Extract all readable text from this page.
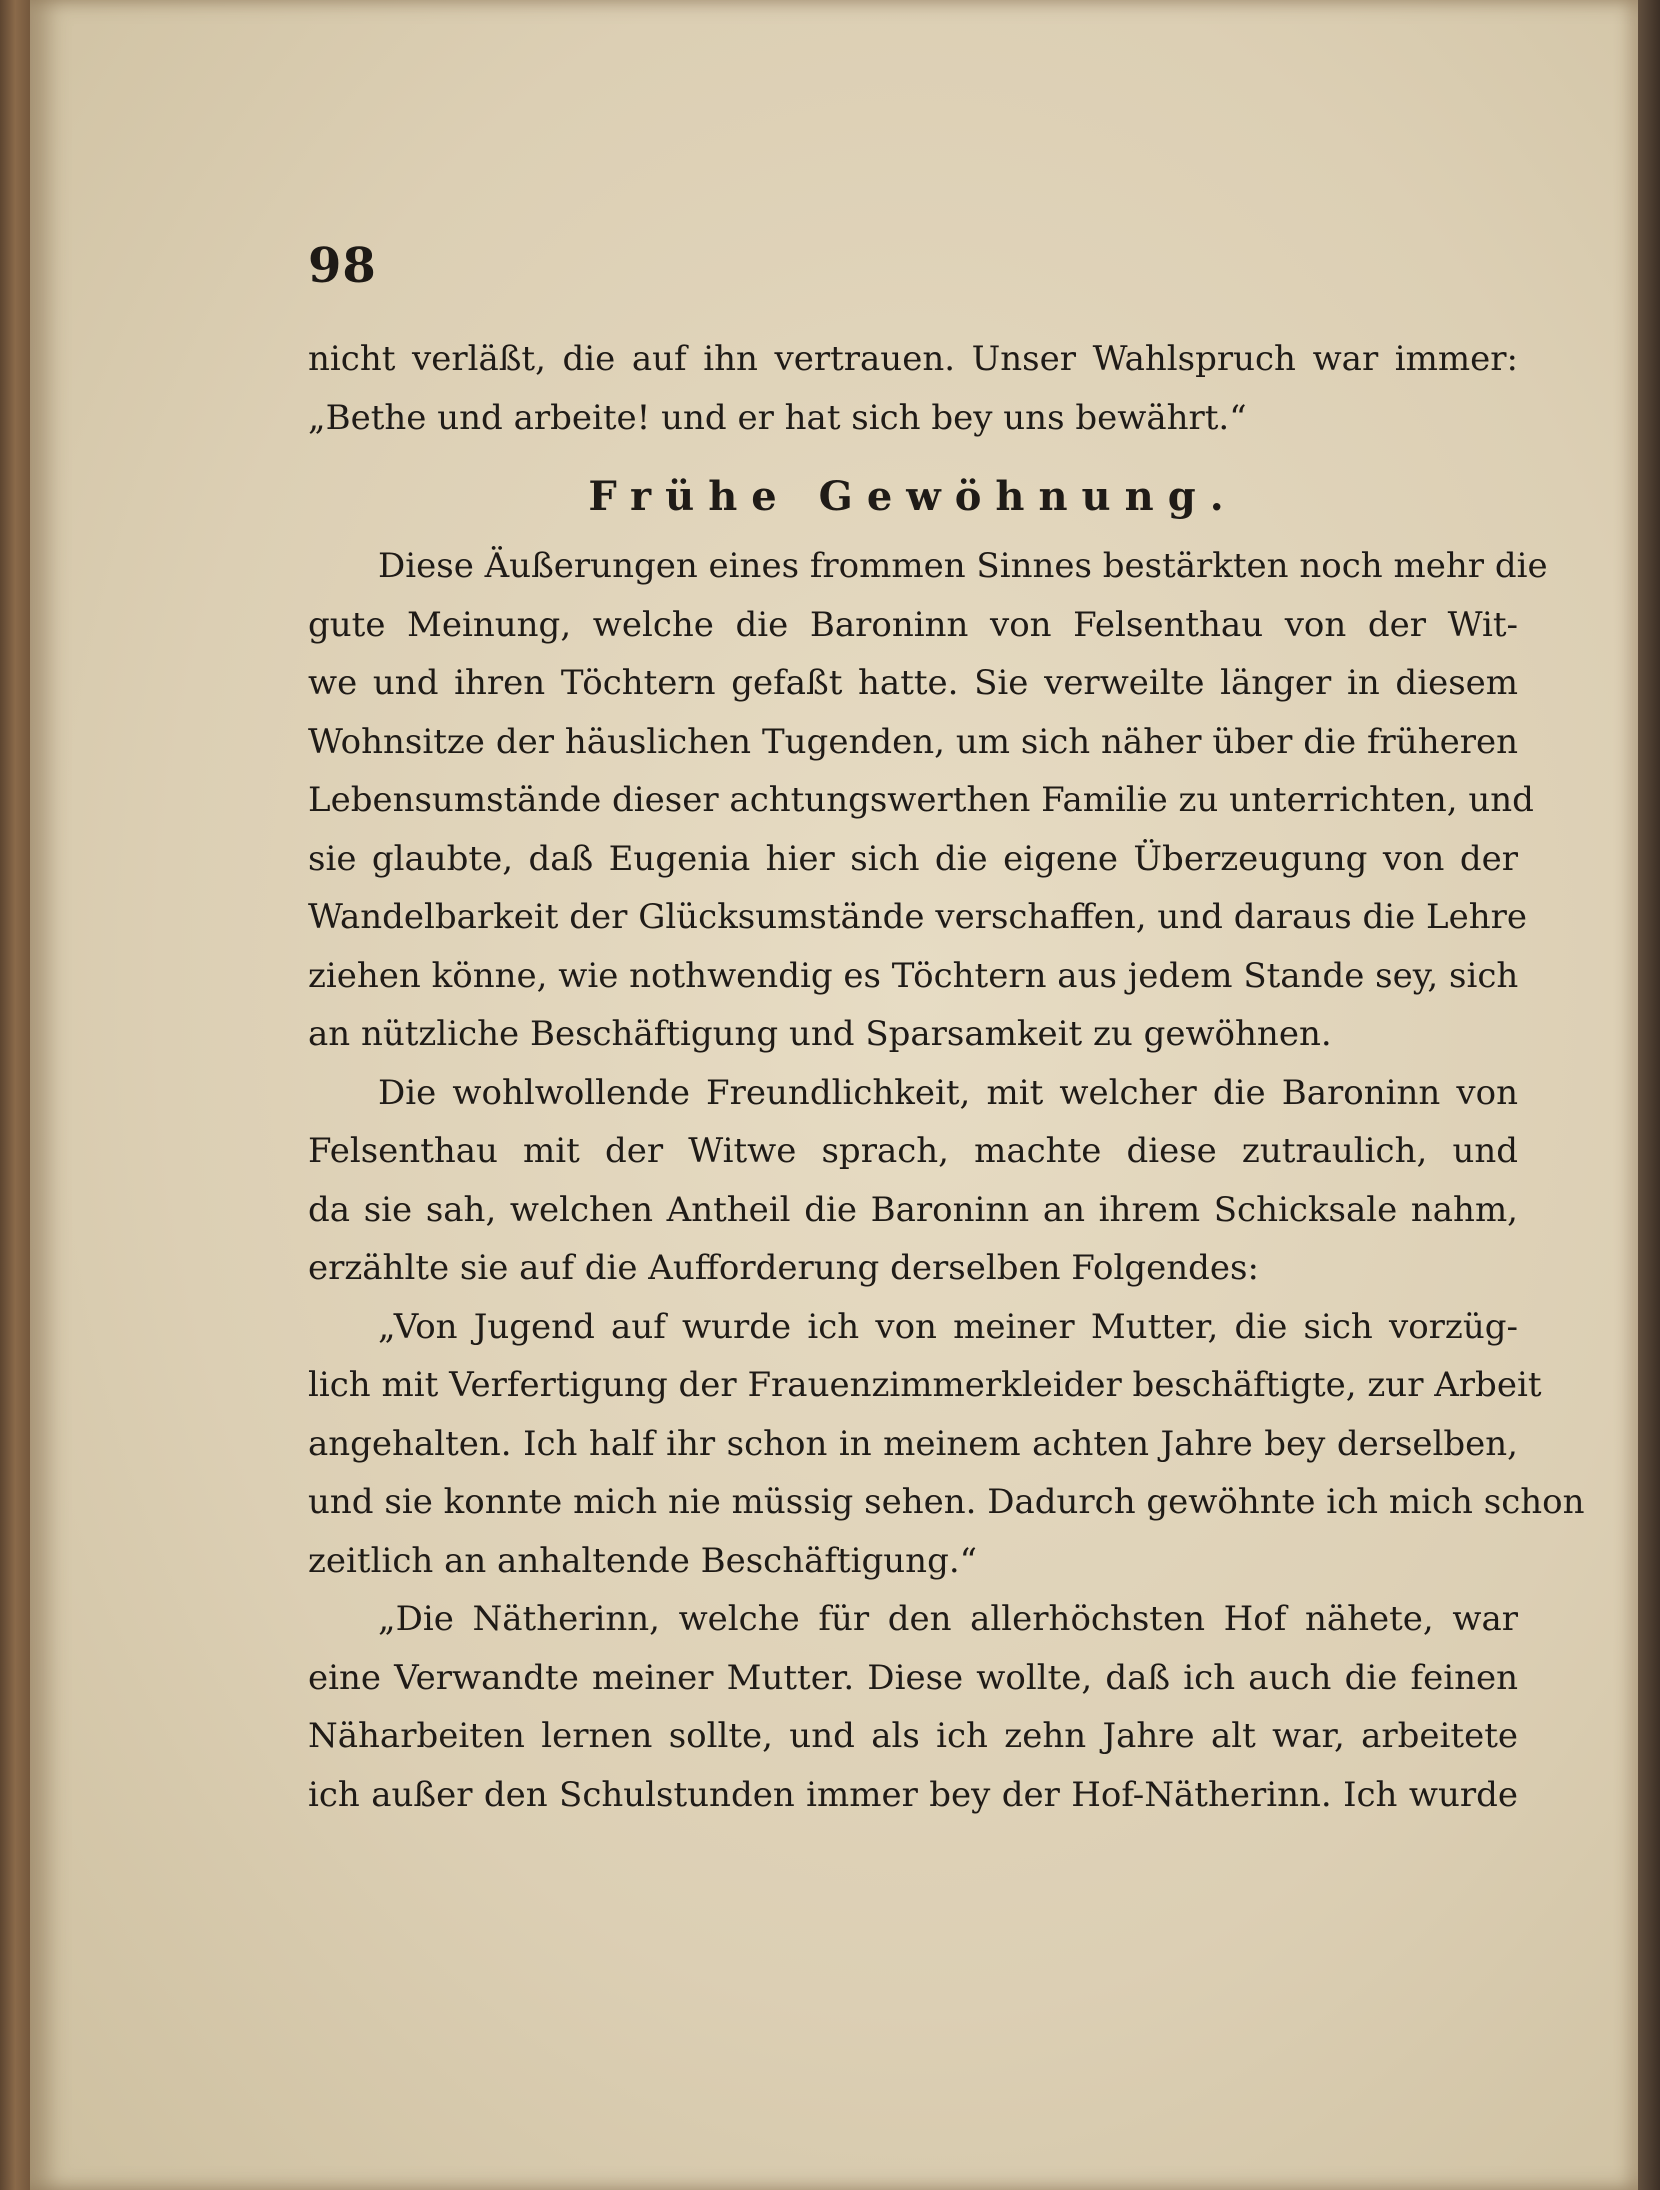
98
nicht verläßt, die auf ihn vertrauen. Unser Wahlspruch war immer:
„Bethe und arbeite! und er hat sich bey uns bewährt.“
Frühe Gewöhnung.
Diese Äußerungen eines frommen Sinnes bestärkten noch mehr die
gute Meinung, welche die Baroninn von Felsenthau von der Wit-
we und ihren Töchtern gefaßt hatte. Sie verweilte länger in diesem
Wohnsitze der häuslichen Tugenden, um sich näher über die früheren
Lebensumstände dieser achtungswerthen Familie zu unterrichten, und
sie glaubte, daß Eugenia hier sich die eigene Überzeugung von der
Wandelbarkeit der Glücksumstände verschaffen, und daraus die Lehre
ziehen könne, wie nothwendig es Töchtern aus jedem Stande sey, sich
an nützliche Beschäftigung und Sparsamkeit zu gewöhnen.
Die wohlwollende Freundlichkeit, mit welcher die Baroninn von
Felsenthau mit der Witwe sprach, machte diese zutraulich, und
da sie sah, welchen Antheil die Baroninn an ihrem Schicksale nahm,
erzählte sie auf die Aufforderung derselben Folgendes:
„Von Jugend auf wurde ich von meiner Mutter, die sich vorzüg-
lich mit Verfertigung der Frauenzimmerkleider beschäftigte, zur Arbeit
angehalten. Ich half ihr schon in meinem achten Jahre bey derselben,
und sie konnte mich nie müssig sehen. Dadurch gewöhnte ich mich schon
zeitlich an anhaltende Beschäftigung.“
„Die Nätherinn, welche für den allerhöchsten Hof nähete, war
eine Verwandte meiner Mutter. Diese wollte, daß ich auch die feinen
Näharbeiten lernen sollte, und als ich zehn Jahre alt war, arbeitete
ich außer den Schulstunden immer bey der Hof-Nätherinn. Ich wurde
